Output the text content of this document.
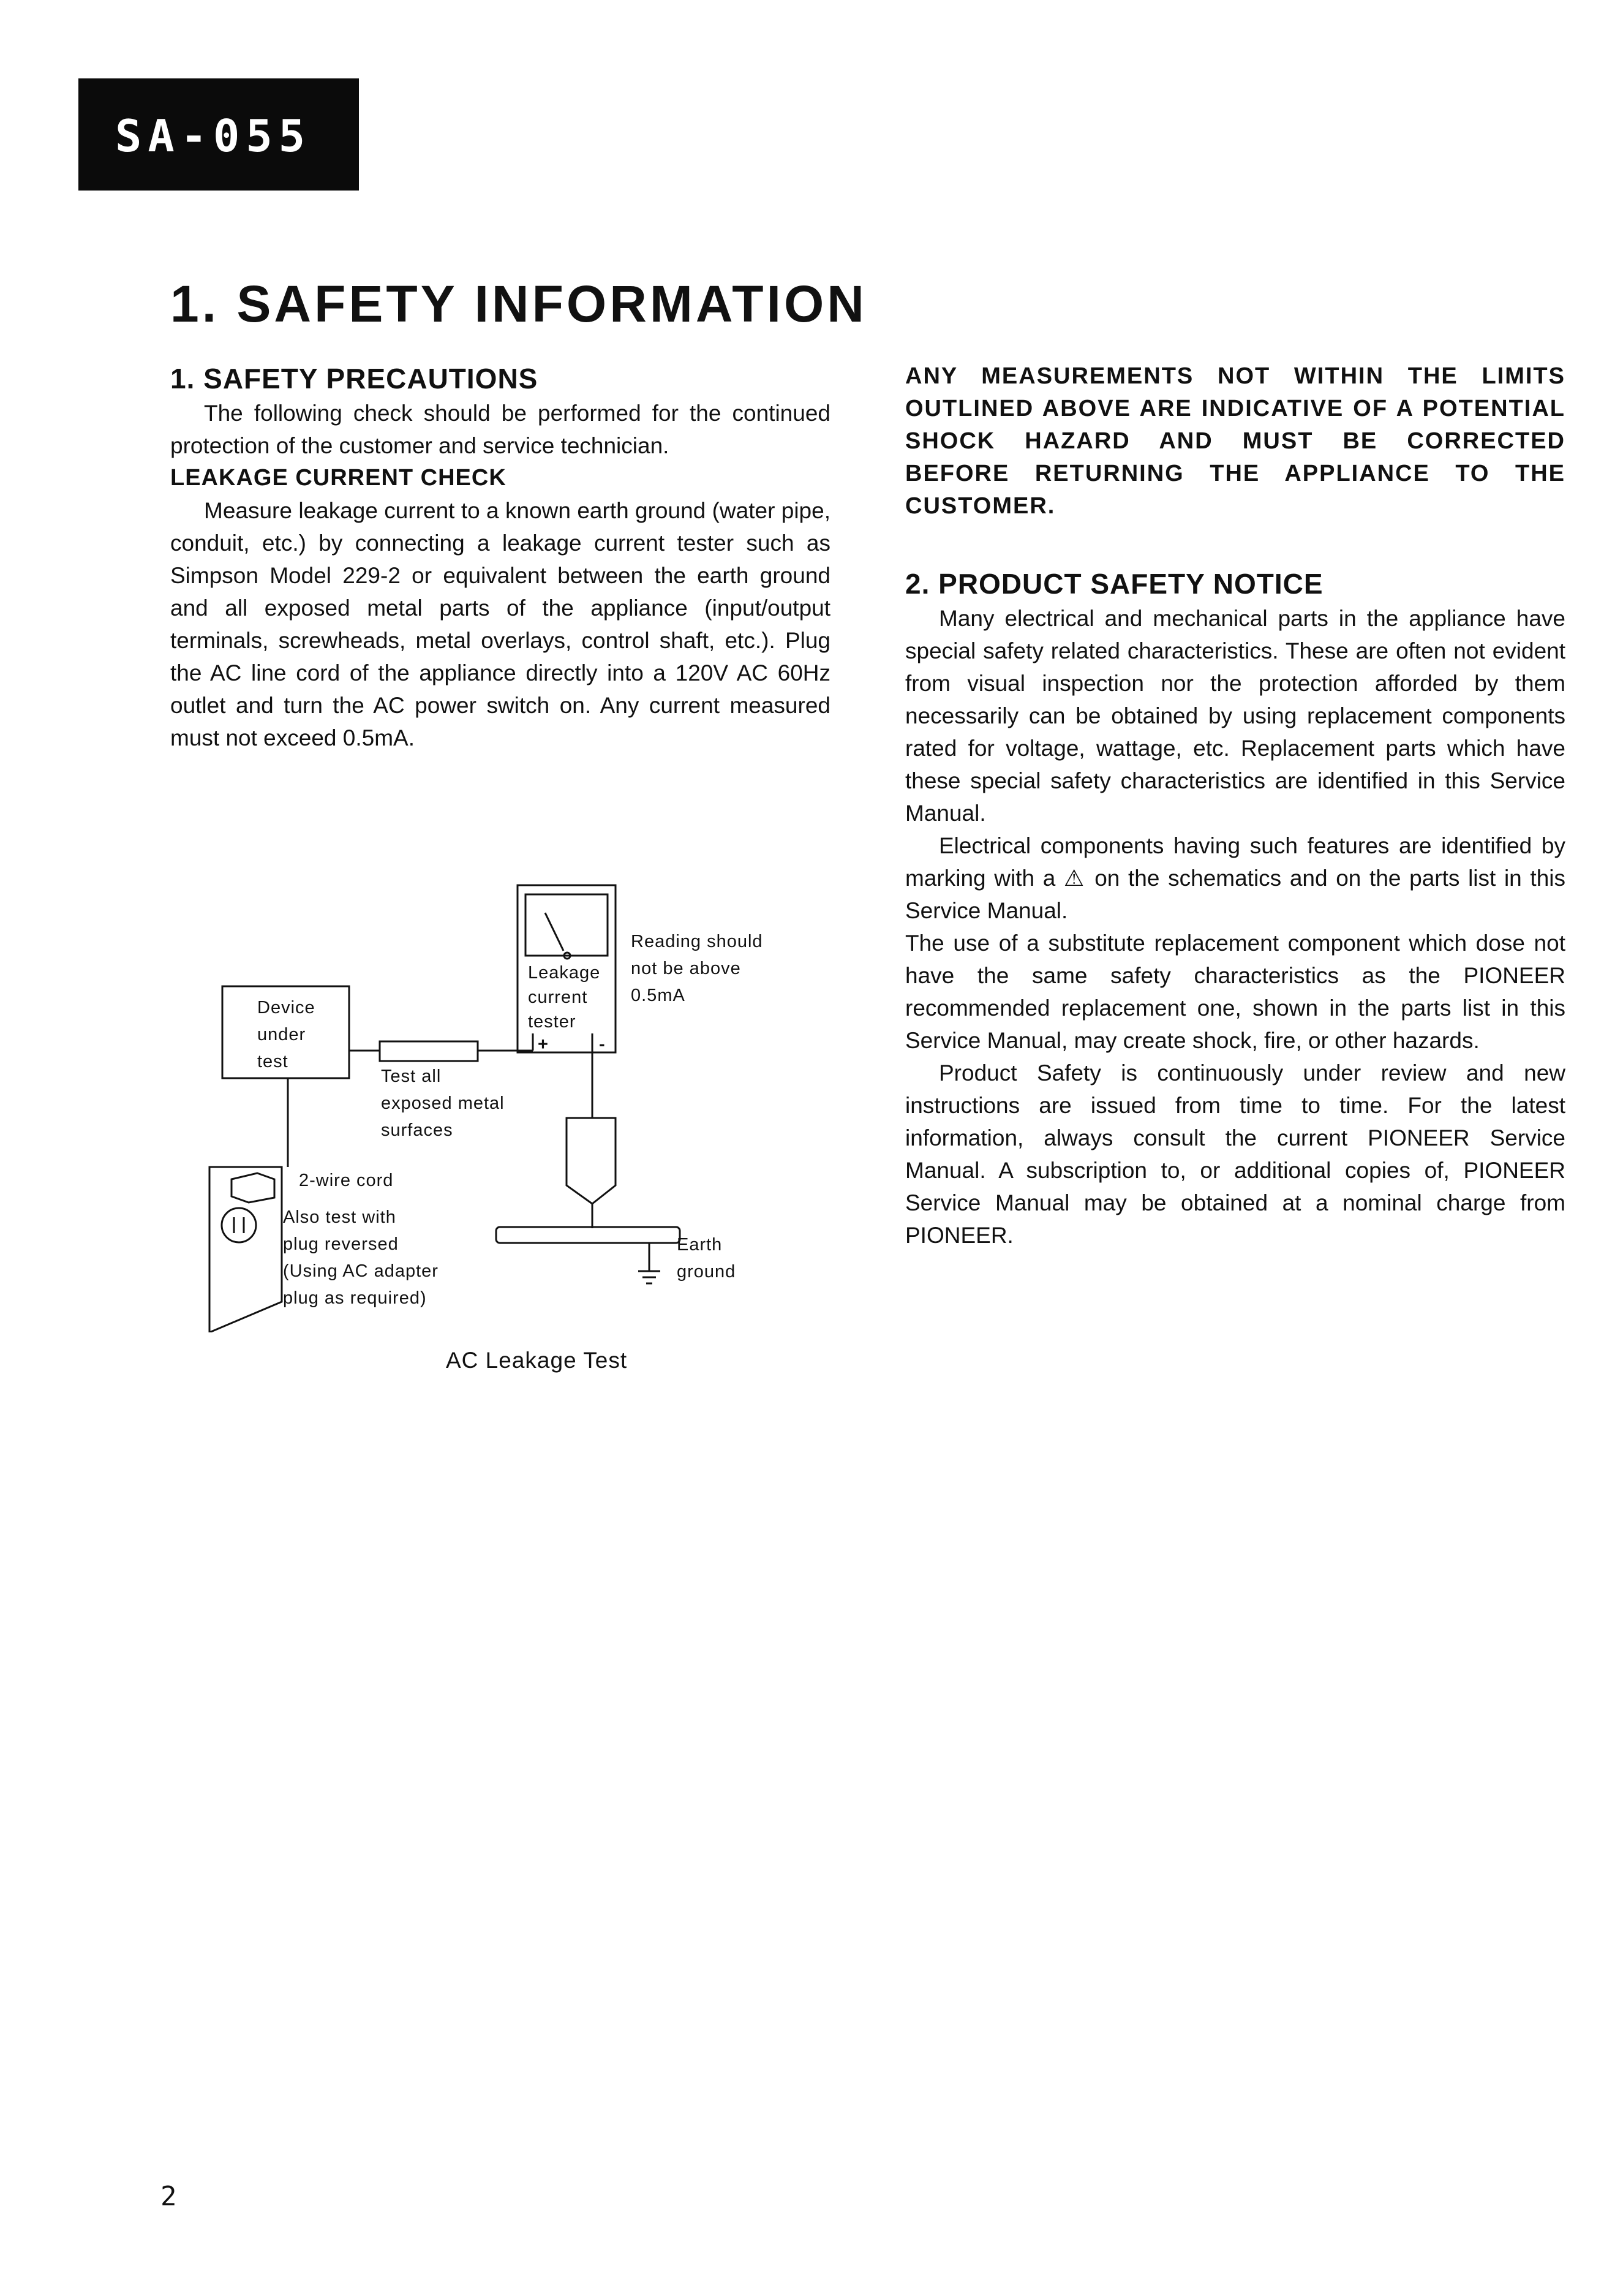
SA-055
1. SAFETY INFORMATION
1. SAFETY PRECAUTIONS

The following check should be performed for the continued protection of the customer and service technician.

LEAKAGE CURRENT CHECK

Measure leakage current to a known earth ground (water pipe, conduit, etc.) by connecting a leakage current tester such as Simpson Model 229-2 or equivalent between the earth ground and all exposed metal parts of the appliance (input/output terminals, screwheads, metal overlays, control shaft, etc.). Plug the AC line cord of the appliance directly into a 120V AC 60Hz outlet and turn the AC power switch on. Any current measured must not exceed 0.5mA.

Device
under
test
Leakage
current
tester
Reading should
not be above
0.5mA
+	-
Test all
exposed metal
surfaces
2-wire cord
Also test with
plug reversed
(Using AC adapter
plug as required)
Earth
ground
AC Leakage Test

ANY MEASUREMENTS NOT WITHIN THE LIMITS OUTLINED ABOVE ARE INDICATIVE OF A POTENTIAL SHOCK HAZARD AND MUST BE CORRECTED BEFORE RETURNING THE APPLIANCE TO THE CUSTOMER.

2. PRODUCT SAFETY NOTICE

Many electrical and mechanical parts in the appliance have special safety related characteristics. These are often not evident from visual inspection nor the protection afforded by them necessarily can be obtained by using replacement components rated for voltage, wattage, etc. Replacement parts which have these special safety characteristics are identified in this Service Manual.

Electrical components having such features are identified by marking with a ⚠ on the schematics and on the parts list in this Service Manual.

The use of a substitute replacement component which dose not have the same safety characteristics as the PIONEER recommended replacement one, shown in the parts list in this Service Manual, may create shock, fire, or other hazards.

Product Safety is continuously under review and new instructions are issued from time to time. For the latest information, always consult the current PIONEER Service Manual. A subscription to, or additional copies of, PIONEER Service Manual may be obtained at a nominal charge from PIONEER.

2
